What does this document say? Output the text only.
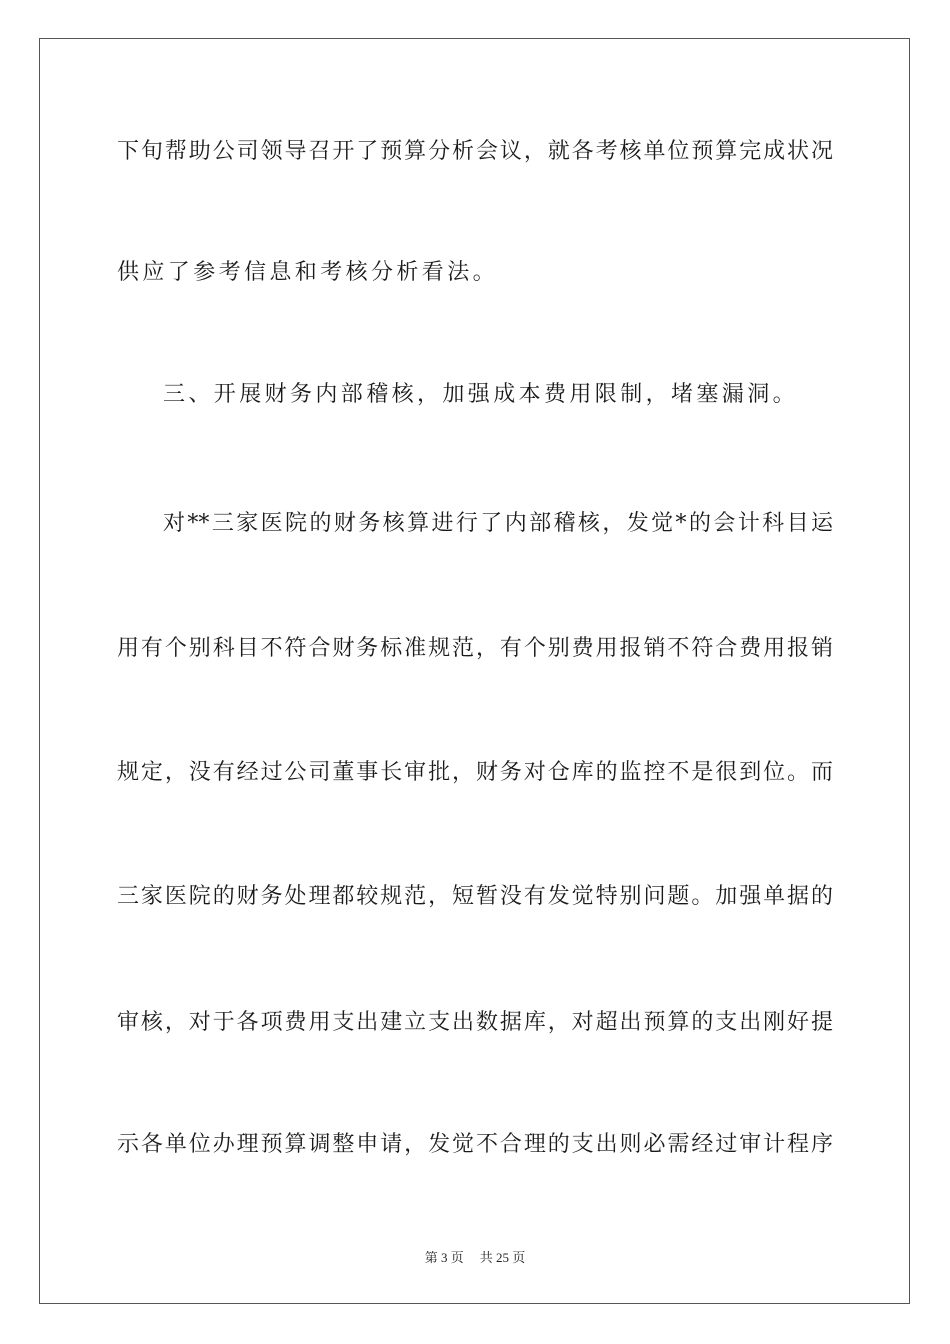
下旬帮助公司领导召开了预算分析会议，就各考核单位预算完成状况
供应了参考信息和考核分析看法。
三、开展财务内部稽核，加强成本费用限制，堵塞漏洞。
对**三家医院的财务核算进行了内部稽核，发觉*的会计科目运
用有个别科目不符合财务标准规范，有个别费用报销不符合费用报销
规定，没有经过公司董事长审批，财务对仓库的监控不是很到位。而
三家医院的财务处理都较规范，短暂没有发觉特别问题。加强单据的
审核，对于各项费用支出建立支出数据库，对超出预算的支出刚好提
示各单位办理预算调整申请，发觉不合理的支出则必需经过审计程序
第 3 页 共 25 页
